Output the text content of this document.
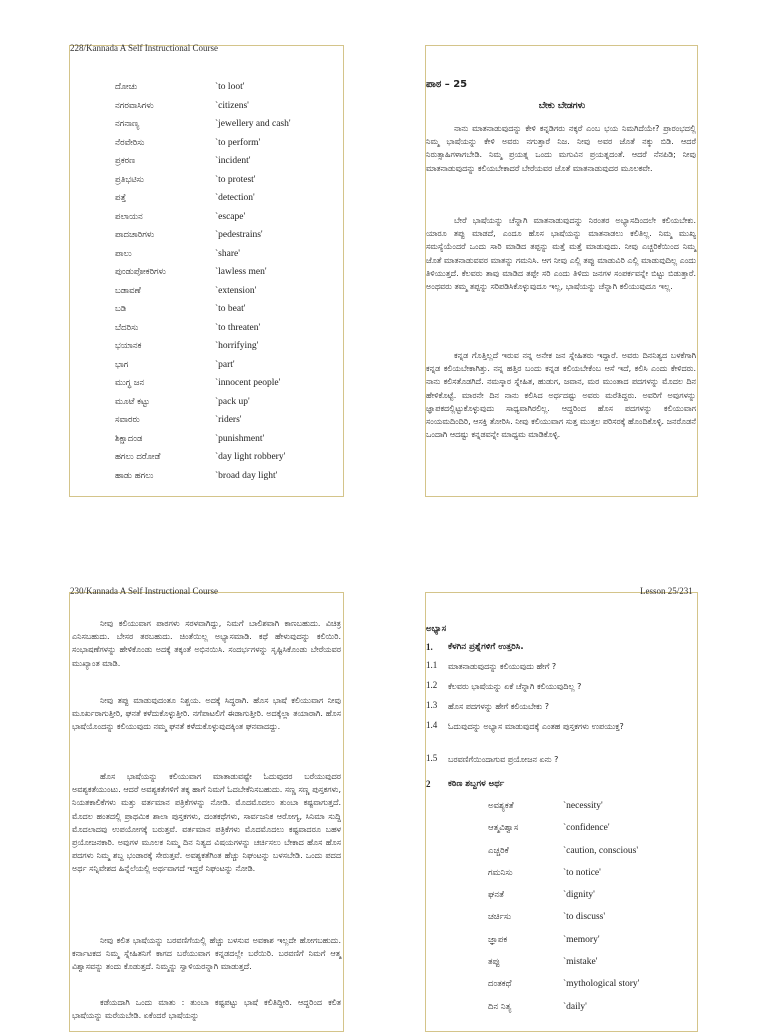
228/Kannada A Self Instructional Course
ದೋಚು	`to loot'
ನಗರವಾಸಿಗಳು	`citizens'
ನಗನಾಣ್ಯ	`jewellery and cash'
ನೆರವೇರಿಸು	`to perform'
ಪ್ರಕರಣ	`incident'
ಪ್ರತಿಭಟಿಸು	`to protest'
ಪತ್ತೆ	`detection'
ಪಲಾಯನ	`escape'
ಪಾದಚಾರಿಗಳು	`pedestrains'
ಪಾಲು	`share'
ಪುಂಡುಪೋಕರಿಗಳು	`lawless men'
ಬಡಾವಣೆ	`extension'
ಬಡಿ	`to beat'
ಬೆದರಿಸು	`to threaten'
ಭಯಾನಕ	`horrifying'
ಭಾಗ	`part'
ಮುಗ್ಧ ಜನ	`innocent people'
ಮೂಟೆ ಕಟ್ಟು	`pack up'
ಸವಾರರು	`riders'
ಶಿಕ್ಷಾದಂಡ	`punishment'
ಹಗಲು ದರೋಡೆ	`day light robbery'
ಹಾಡು ಹಗಲು	`broad day light'
ಪಾಠ – 25
ಬೇಕು ಬೇಡಗಳು

ನಾನು ಮಾತನಾಡುವುದನ್ನು ಕೇಳಿ ಕನ್ನಡಿಗರು ನಕ್ಕರೆ ಎಂಬ ಭಯ ನಿಮಗಿದೆಯೇ? ಪ್ರಾರಂಭದಲ್ಲಿ ನಿಮ್ಮ ಭಾಷೆಯನ್ನು ಕೇಳಿ ಅವರು ನಗುತ್ತಾರೆ ನಿಜ. ನೀವು ಅವರ ಜೊತೆ ನಕ್ಕು ಬಿಡಿ. ಆದರೆ ನಿರುತ್ಸಾಹಿಗಳಾಗಬೇಡಿ. ನಿಮ್ಮ ಪ್ರಯತ್ನ ಒಂದು ಮಗುವಿನ ಪ್ರಯತ್ನದಂತೆ. ಆದರೆ ನೆನಪಿಡಿ; ನೀವು ಮಾತನಾಡುವುದನ್ನು ಕಲಿಯಬೇಕಾದರೆ ಬೇರೆಯವರ ಜೊತೆ ಮಾತನಾಡುವುದರ ಮೂಲಕವೇ.

ಬೇರೆ ಭಾಷೆಯನ್ನು ಚೆನ್ನಾಗಿ ಮಾತನಾಡುವುದನ್ನು ನಿರಂತರ ಅಭ್ಯಾಸದಿಂದಲೇ ಕಲಿಯಬೇಕು. ಯಾರೂ ತಪ್ಪು ಮಾಡದೆ, ಎಂದೂ ಹೊಸ ಭಾಷೆಯನ್ನು ಮಾತನಾಡಲು ಕಲಿತಿಲ್ಲ. ನಿಮ್ಮ ಮುಖ್ಯ ಸಮಸ್ಯೆಯೆಂದರೆ ಒಂದು ಸಾರಿ ಮಾಡಿದ ತಪ್ಪನ್ನು ಮತ್ತೆ ಮತ್ತೆ ಮಾಡುವುದು. ನೀವು ಎಚ್ಚರಿಕೆಯಿಂದ ನಿಮ್ಮ ಜೊತೆ ಮಾತನಾಡುವವರ ಮಾತನ್ನು ಗಮನಿಸಿ. ಆಗ ನೀವು ಎಲ್ಲಿ ತಪ್ಪು ಮಾಡುವಿರಿ ಎಲ್ಲಿ ಮಾಡುವುದಿಲ್ಲ ಎಂದು ತಿಳಿಯುತ್ತದೆ. ಕೆಲವರು ತಾವು ಮಾಡಿದ ತಪ್ಪೇ ಸರಿ ಎಂದು ತಿಳಿದು ಜನಗಳ ಸಂಪರ್ಕವನ್ನೇ ಬಿಟ್ಟು ಬಿಡುತ್ತಾರೆ. ಅಂಥವರು ತಮ್ಮ ತಪ್ಪನ್ನು ಸರಿಪಡಿಸಿಕೊಳ್ಳುವುದೂ ಇಲ್ಲ, ಭಾಷೆಯನ್ನು ಚೆನ್ನಾಗಿ ಕಲಿಯುವುದೂ ಇಲ್ಲ.

ಕನ್ನಡ ಗೊತ್ತಿಲ್ಲದೆ ಇರುವ ನನ್ನ ಅನೇಕ ಜನ ಸ್ನೇಹಿತರು ಇದ್ದಾರೆ. ಅವರು ದಿನನಿತ್ಯದ ಬಳಕೆಗಾಗಿ ಕನ್ನಡ ಕಲಿಯಬೇಕಾಗಿತ್ತು. ನನ್ನ ಹತ್ತಿರ ಬಂದು ಕನ್ನಡ ಕಲಿಯಬೇಕೆಂಬ ಆಸೆ ಇದೆ, ಕಲಿಸಿ ಎಂದು ಕೇಳಿದರು. ನಾನು ಕಲಿಸತೊಡಗಿದೆ. ನಮಸ್ಕಾರ ಸ್ನೇಹಿತ, ಹುಡುಗ, ಜವಾನ, ಮರ ಮುಂತಾದ ಪದಗಳನ್ನು ಮೊದಲ ದಿನ ಹೇಳಿಕೊಟ್ಟೆ. ಮಾರನೇ ದಿನ ನಾನು ಕಲಿಸಿದ ಅರ್ಧದಷ್ಟು ಅವರು ಮರೆತಿದ್ದರು. ಅವರಿಗೆ ಅವುಗಳನ್ನು ಜ್ಞಾಪಕದಲ್ಲಿಟ್ಟುಕೊಳ್ಳುವುದು ಸಾಧ್ಯವಾಗಿರಲಿಲ್ಲ. ಆದ್ದರಿಂದ ಹೊಸ ಪದಗಳನ್ನು ಕಲಿಯುವಾಗ ಸಂಯಮದಿಂದಿರಿ, ಆಸಕ್ತಿ ತೋರಿಸಿ. ನೀವು ಕಲಿಯುವಾಗ ಸುತ್ತ ಮುತ್ತಲ ಪರಿಸರಕ್ಕೆ ಹೊಂದಿಕೊಳ್ಳಿ. ಜನರೊಡನೆ ಒಂದಾಗಿ ಆದಷ್ಟು ಕನ್ನಡವನ್ನೇ ಮಾಧ್ಯಮ ಮಾಡಿಕೊಳ್ಳಿ.

230/Kannada A Self Instructional Course

ನೀವು ಕಲಿಯುವಾಗ ಪಾಠಗಳು ಸರಳವಾಗಿದ್ದು, ನಿಮಗೆ ಬಾಲಿಶವಾಗಿ ಕಾಣಬಹುದು. ವಿಚಿತ್ರ ಎನಿಸಬಹುದು. ಬೇಸರ ತರಬಹುದು. ಚಿಂತೆಯಿಲ್ಲ ಅಭ್ಯಾಸಮಾಡಿ. ಕಥೆ ಹೇಳುವುದನ್ನು ಕಲಿಯಿರಿ. ಸಂಭಾಷಣೆಗಳನ್ನು ಹೇಳಿಕೊಂಡು ಅದಕ್ಕೆ ತಕ್ಕಂತೆ ಅಭಿನಯಿಸಿ. ಸಂದರ್ಭಗಳನ್ನು ಸೃಷ್ಟಿಸಿಕೊಂಡು ಬೇರೆಯವರ ಮುಖ್ಯಾಂತ ಮಾಡಿ.

ನೀವು ತಪ್ಪು ಮಾಡುವುದಂತೂ ನಿಶ್ಚಯ. ಅದಕ್ಕೆ ಸಿದ್ಧರಾಗಿ. ಹೊಸ ಭಾಷೆ ಕಲಿಯುವಾಗ ನೀವು ಮೂರ್ಖರಾಗುತ್ತೀರಿ, ಘನತೆ ಕಳೆದುಕೊಳ್ಳುತ್ತೀರಿ. ನಗೆಪಾಟಲಿಗೆ ಈಡಾಗುತ್ತೀರಿ. ಅದಕ್ಕೆಲ್ಲಾ ತಯಾರಾಗಿ. ಹೊಸ ಭಾಷೆಯೊಂದನ್ನು ಕಲಿಯುವುದು ನಮ್ಮ ಘನತೆ ಕಳೆದುಕೊಳ್ಳುವುದಕ್ಕಿಂತ ಘನವಾದದ್ದು.

ಹೊಸ ಭಾಷೆಯನ್ನು ಕಲಿಯುವಾಗ ಮಾತಾಡುವಷ್ಟೇ ಓದುವುದರ ಬರೆಯುವುದರ ಅವಶ್ಯಕತೆಯುಂಟು. ಆದರೆ ಅವಶ್ಯಕತೆಗಳಿಗೆ ತಕ್ಕ ಹಾಗೆ ನಿಮಗೆ ಓದಬೇಕೆನಿಸಬಹುದು. ಸಣ್ಣ ಸಣ್ಣ ಪುಸ್ತಕಗಳು, ನಿಯತಕಾಲಿಕೆಗಳು ಮತ್ತು ವರ್ತಮಾನ ಪತ್ರಿಕೆಗಳನ್ನು ನೋಡಿ. ಮೊದಮೊದಲು ತುಂಬಾ ಕಷ್ಟವಾಗುತ್ತದೆ. ಮೊದಲ ಹಂತದಲ್ಲಿ ಪ್ರಾಥಮಿಕ ಶಾಲಾ ಪುಸ್ತಕಗಳು, ದಂತಕಥೆಗಳು, ಸಾರ್ವಜನಿಕ ಆರೋಗ್ಯ, ಸಿನಿಮಾ ಸುದ್ದಿ ಮೊದಲಾದವು ಉಪಯೋಗಕ್ಕೆ ಬರುತ್ತವೆ. ವರ್ತಮಾನ ಪತ್ರಿಕೆಗಳು ಮೊದಮೊದಲು ಕಷ್ಟವಾದರೂ ಬಹಳ ಪ್ರಯೋಜನಕಾರಿ. ಅವುಗಳ ಮೂಲಕ ನಿಮ್ಮ ದಿನ ನಿತ್ಯದ ವಿಷಯಗಳನ್ನು ಚರ್ಚಿಸಲು ಬೇಕಾದ ಹೊಸ ಹೊಸ ಪದಗಳು ನಿಮ್ಮ ಶಬ್ದ ಭಂಡಾರಕ್ಕೆ ಸೇರುತ್ತವೆ. ಅವಶ್ಯಕತೆಗಿಂತ ಹೆಚ್ಚು ನಿಘಂಟನ್ನು ಬಳಸಬೇಡಿ. ಒಂದು ಪದದ ಅರ್ಥ ಸನ್ನಿವೇಶದ ಹಿನ್ನೆಲೆಯಲ್ಲಿ ಅರ್ಥವಾಗದೆ ಇದ್ದರೆ ನಿಘಂಟನ್ನು ನೋಡಿ.

ನೀವು ಕಲಿತ ಭಾಷೆಯನ್ನು ಬರವಣಿಗೆಯಲ್ಲಿ ಹೆಚ್ಚು ಬಳಸುವ ಅವಕಾಶ ಇಲ್ಲದೇ ಹೋಗಬಹುದು. ಕರ್ನಾಟಕದ ನಿಮ್ಮ ಸ್ನೇಹಿತನಿಗೆ ಕಾಗದ ಬರೆಯುವಾಗ ಕನ್ನಡದಲ್ಲೇ ಬರೆಯಿರಿ. ಬರವಣಿಗೆ ನಿಮಗೆ ಆತ್ಮ ವಿಶ್ವಾಸವನ್ನು ತಂದು ಕೊಡುತ್ತದೆ. ನಿಮ್ಮನ್ನು ಸ್ವಾಳಿಯರನ್ನಾಗಿ ಮಾಡುತ್ತದೆ.

ಕಡೆಯದಾಗಿ ಒಂದು ಮಾತು : ತುಂಬಾ ಕಷ್ಟಪಟ್ಟು ಭಾಷೆ ಕಲಿತಿದ್ದೀರಿ. ಆದ್ದರಿಂದ ಕಲಿತ ಭಾಷೆಯನ್ನು ಮರೆಯಬೇಡಿ. ಏಕೆಂದರೆ ಭಾಷೆಯನ್ನು

Lesson 25/231
ಅಭ್ಯಾಸ
1.	ಕೆಳಗಿನ ಪ್ರಶ್ನೆಗಳಿಗೆ ಉತ್ತರಿಸಿ.
1.1	ಮಾತನಾಡುವುದನ್ನು ಕಲಿಯುವುದು ಹೇಗೆ ?
1.2	ಕೆಲವರು ಭಾಷೆಯನ್ನು ಏಕೆ ಚೆನ್ನಾಗಿ ಕಲಿಯುವುದಿಲ್ಲ ?
1.3	ಹೊಸ ಪದಗಳನ್ನು ಹೇಗೆ ಕಲಿಯಬೇಕು ?
1.4	ಓದುವುದನ್ನು ಅಭ್ಯಾಸ ಮಾಡುವುದಕ್ಕೆ ಎಂತಹ ಪುಸ್ತಕಗಳು ಉಪಯುಕ್ತ?
1.5	ಬರವಣಿಗೆಯಿಂದಾಗುವ ಪ್ರಯೋಜನ ಏನು ?
2	ಕಠಿಣ ಶಬ್ದಗಳ ಅರ್ಥ
ಅವಶ್ಯಕತೆ	`necessity'
ಆತ್ಮವಿಶ್ವಾಸ	`confidence'
ಎಚ್ಚರಿಕೆ	`caution, conscious'
ಗಮನಿಸು	`to notice'
ಘನತೆ	`dignity'
ಚರ್ಚಿಸು	`to discuss'
ಜ್ಞಾಪಕ	`memory'
ತಪ್ಪು	`mistake'
ದಂತಕಥೆ	`mythological story'
ದಿನ ನಿತ್ಯ	`daily'
